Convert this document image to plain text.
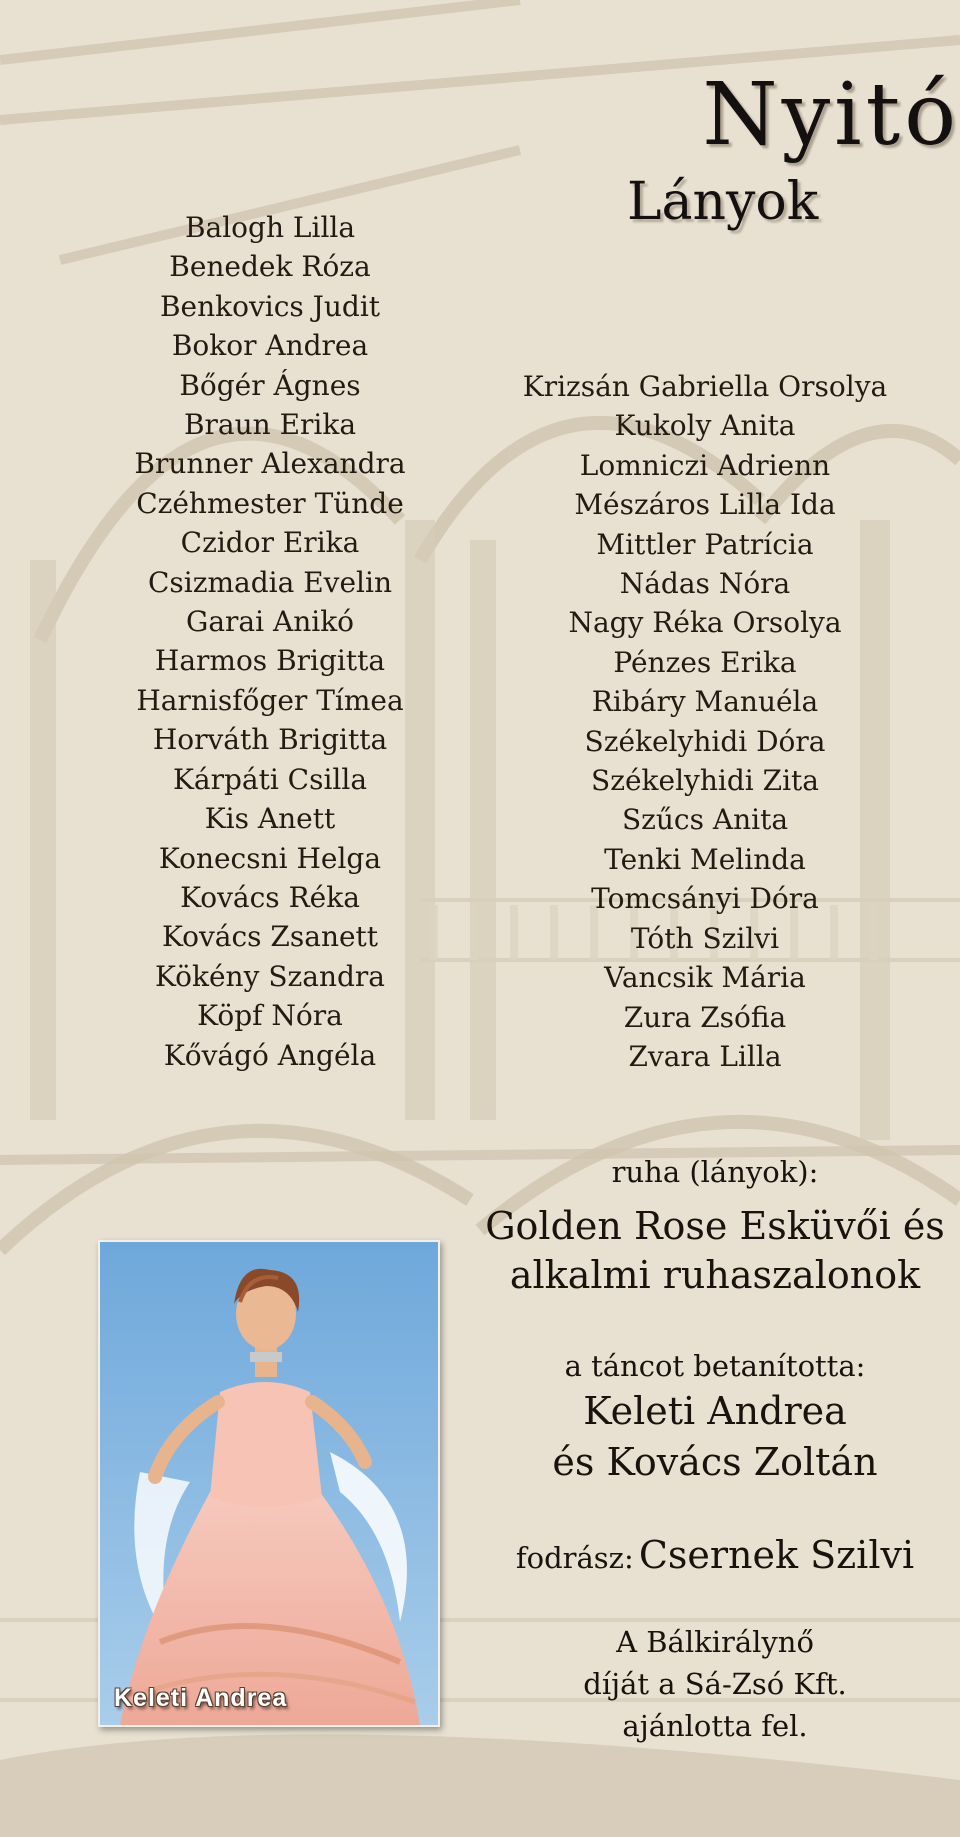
Nyitó
Lányok
Balogh Lilla
Benedek Róza
Benkovics Judit
Bokor Andrea
Bőgér Ágnes
Braun Erika
Brunner Alexandra
Czéhmester Tünde
Czidor Erika
Csizmadia Evelin
Garai Anikó
Harmos Brigitta
Harnisfőger Tímea
Horváth Brigitta
Kárpáti Csilla
Kis Anett
Konecsni Helga
Kovács Réka
Kovács Zsanett
Kökény Szandra
Köpf Nóra
Kővágó Angéla
Krizsán Gabriella Orsolya
Kukoly Anita
Lomniczi Adrienn
Mészáros Lilla Ida
Mittler Patrícia
Nádas Nóra
Nagy Réka Orsolya
Pénzes Erika
Ribáry Manuéla
Székelyhidi Dóra
Székelyhidi Zita
Szűcs Anita
Tenki Melinda
Tomcsányi Dóra
Tóth Szilvi
Vancsik Mária
Zura Zsófia
Zvara Lilla
ruha (lányok):
Golden Rose Esküvői és
alkalmi ruhaszalonok
a táncot betanította:
Keleti Andrea
és Kovács Zoltán
fodrász: Csernek Szilvi
A Bálkirálynő
díját a Sá-Zsó Kft.
ajánlotta fel.
Keleti Andrea
